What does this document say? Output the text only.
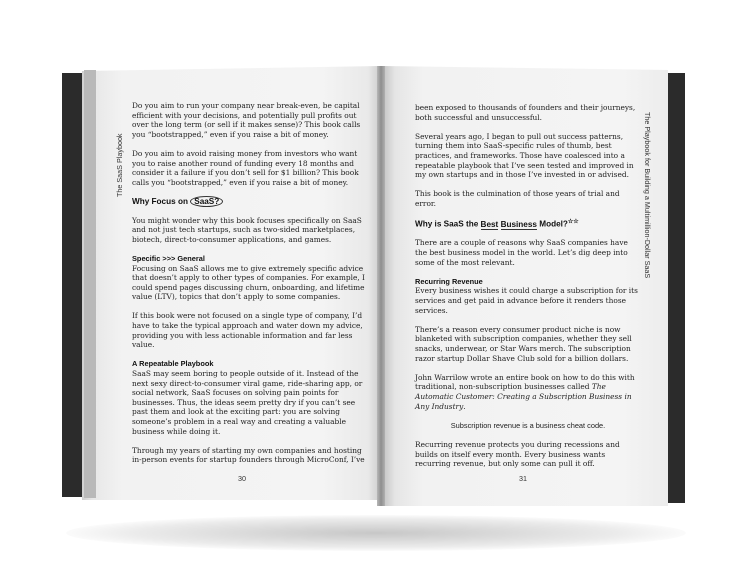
The SaaS Playbook	The Playbook for Building a Multimillion-Dollar SaaS

Do you aim to run your company near break-even, be capital efficient with your decisions, and potentially pull profits out over the long term (or sell if it makes sense)? This book calls you “bootstrapped,” even if you raise a bit of money.

Do you aim to avoid raising money from investors who want you to raise another round of funding every 18 months and consider it a failure if you don’t sell for $1 billion? This book calls you “bootstrapped,” even if you raise a bit of money.

Why Focus on SaaS?

You might wonder why this book focuses specifically on SaaS and not just tech startups, such as two-sided marketplaces, biotech, direct-to-consumer applications, and games.

Specific >>> General

Focusing on SaaS allows me to give extremely specific advice that doesn’t apply to other types of companies. For example, I could spend pages discussing churn, onboarding, and lifetime value (LTV), topics that don’t apply to some companies.

If this book were not focused on a single type of company, I’d have to take the typical approach and water down my advice, providing you with less actionable information and far less value.

A Repeatable Playbook

SaaS may seem boring to people outside of it. Instead of the next sexy direct-to-consumer viral game, ride-sharing app, or social network, SaaS focuses on solving pain points for businesses. Thus, the ideas seem pretty dry if you can’t see past them and look at the exciting part: you are solving someone’s problem in a real way and creating a valuable business while doing it.

Through my years of starting my own companies and hosting in-person events for startup founders through MicroConf, I’ve

been exposed to thousands of founders and their journeys, both successful and unsuccessful.

Several years ago, I began to pull out success patterns, turning them into SaaS-specific rules of thumb, best practices, and frameworks. Those have coalesced into a repeatable playbook that I’ve seen tested and improved in my own startups and in those I’ve invested in or advised.

This book is the culmination of those years of trial and error.

Why is SaaS the Best Business Model?☆☆

There are a couple of reasons why SaaS companies have the best business model in the world. Let’s dig deep into some of the most relevant.

Recurring Revenue

Every business wishes it could charge a subscription for its services and get paid in advance before it renders those services.

There’s a reason every consumer product niche is now blanketed with subscription companies, whether they sell snacks, underwear, or Star Wars merch. The subscription razor startup Dollar Shave Club sold for a billion dollars.

John Warrilow wrote an entire book on how to do this with traditional, non-subscription businesses called The Automatic Customer: Creating a Subscription Business in Any Industry.

Subscription revenue is a business cheat code.

Recurring revenue protects you during recessions and builds on itself every month. Every business wants recurring revenue, but only some can pull it off.

30	31
